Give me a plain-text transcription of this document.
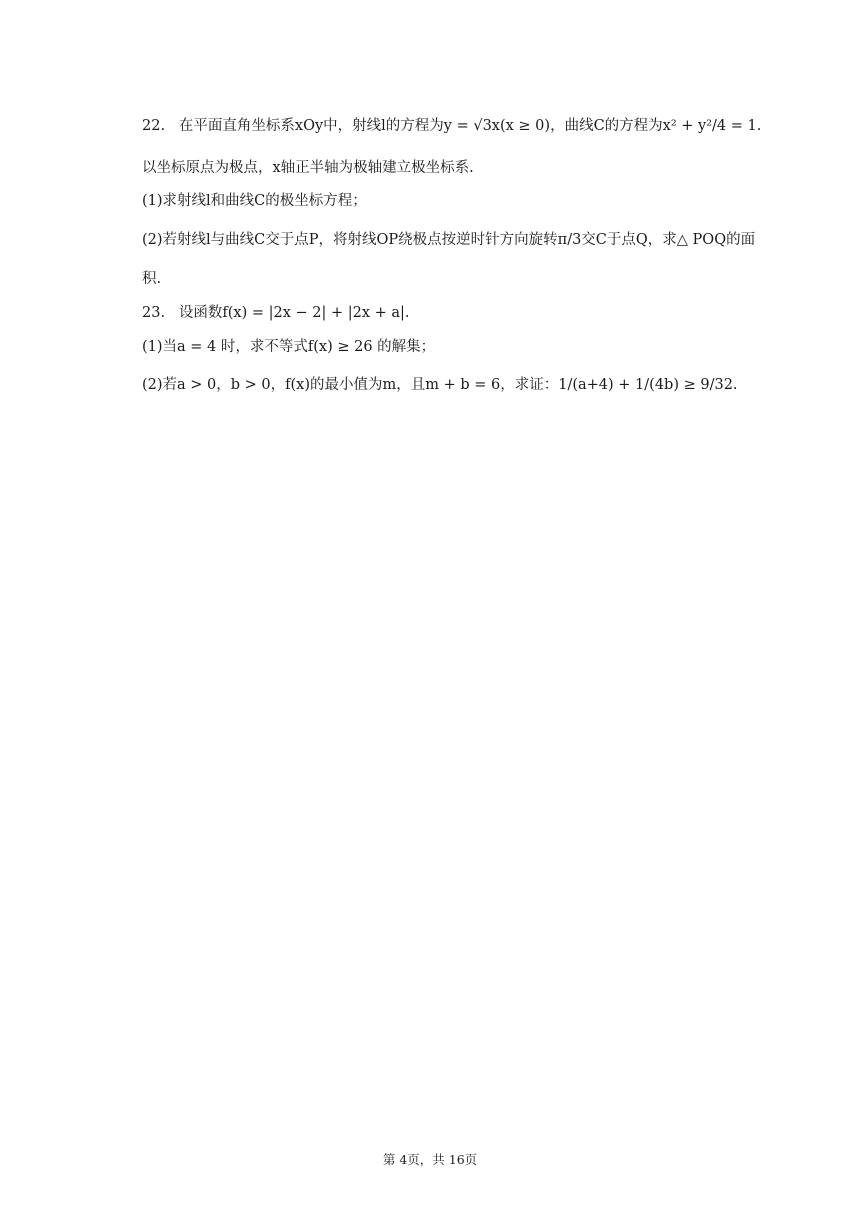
22. 在平面直角坐标系xOy中，射线l的方程为y = √3x(x ≥ 0)，曲线C的方程为x² + y²/4 = 1.
以坐标原点为极点，x轴正半轴为极轴建立极坐标系.
(1)求射线l和曲线C的极坐标方程；
(2)若射线l与曲线C交于点P，将射线OP绕极点按逆时针方向旋转π/3交C于点Q，求△ POQ的面
积.
23. 设函数f(x) = |2x − 2| + |2x + a|.
(1)当a = 4 时，求不等式f(x) ≥ 26 的解集；
(2)若a > 0，b > 0，f(x)的最小值为m，且m + b = 6，求证：1/(a+4) + 1/(4b) ≥ 9/32.
第 4页，共 16页
